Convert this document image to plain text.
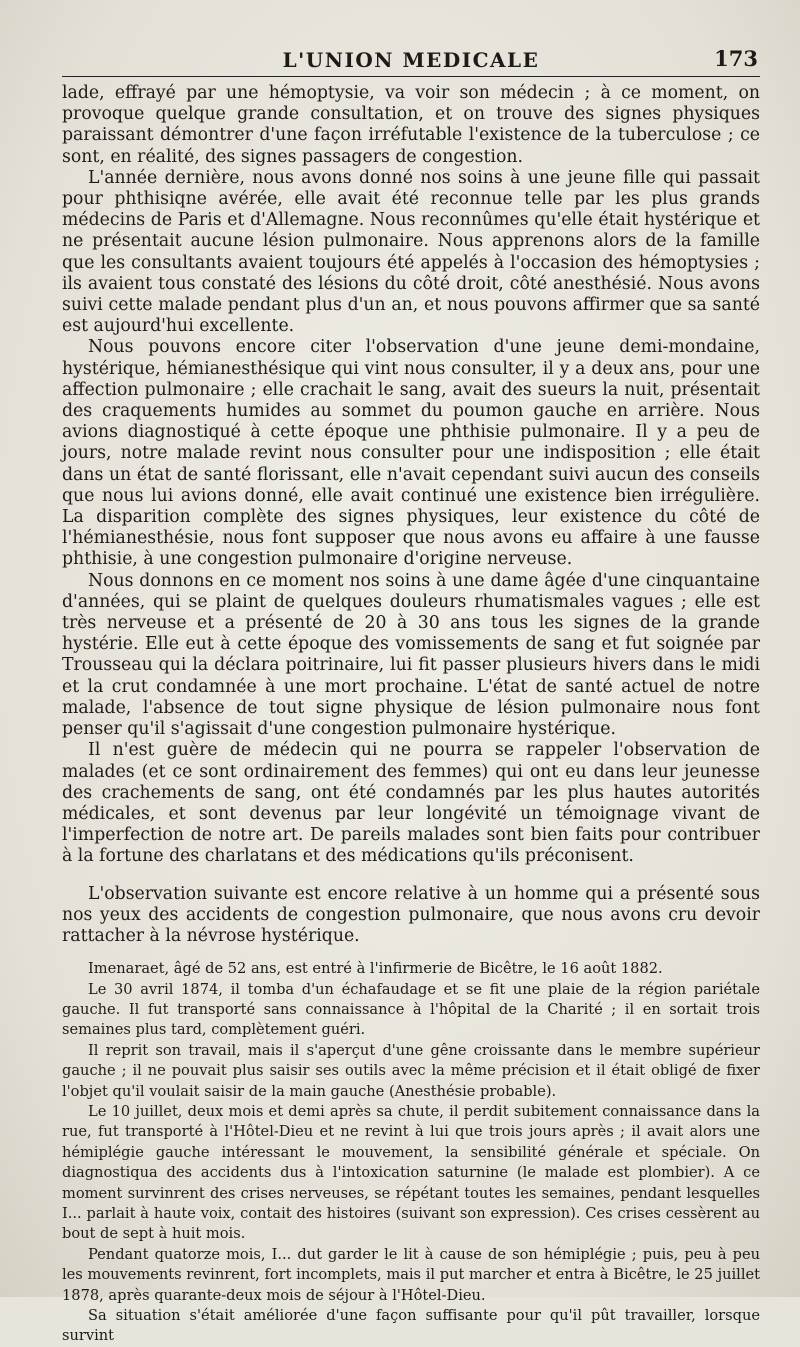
L'UNION MEDICALE	173

lade, effrayé par une hémoptysie, va voir son médecin ; à ce moment, on provoque quelque grande consultation, et on trouve des signes physiques paraissant démontrer d'une façon irréfutable l'existence de la tuberculose ; ce sont, en réalité, des signes passagers de congestion.

L'année dernière, nous avons donné nos soins à une jeune fille qui passait pour phthisiqne avérée, elle avait été reconnue telle par les plus grands médecins de Paris et d'Allemagne. Nous reconnûmes qu'elle était hystérique et ne présentait aucune lésion pulmonaire. Nous apprenons alors de la famille que les consultants avaient toujours été appelés à l'occasion des hémoptysies ; ils avaient tous constaté des lésions du côté droit, côté anesthésié. Nous avons suivi cette malade pendant plus d'un an, et nous pouvons affirmer que sa santé est aujourd'hui excellente.

Nous pouvons encore citer l'observation d'une jeune demi-mondaine, hystérique, hémianesthésique qui vint nous consulter, il y a deux ans, pour une affection pulmonaire ; elle crachait le sang, avait des sueurs la nuit, présentait des craquements humides au sommet du poumon gauche en arrière. Nous avions diagnostiqué à cette époque une phthisie pulmonaire. Il y a peu de jours, notre malade revint nous consulter pour une indisposition ; elle était dans un état de santé florissant, elle n'avait cependant suivi aucun des conseils que nous lui avions donné, elle avait continué une existence bien irrégulière. La disparition complète des signes physiques, leur existence du côté de l'hémianesthésie, nous font supposer que nous avons eu affaire à une fausse phthisie, à une congestion pulmonaire d'origine nerveuse.

Nous donnons en ce moment nos soins à une dame âgée d'une cinquantaine d'années, qui se plaint de quelques douleurs rhumatismales vagues ; elle est très nerveuse et a présenté de 20 à 30 ans tous les signes de la grande hystérie. Elle eut à cette époque des vomissements de sang et fut soignée par Trousseau qui la déclara poitrinaire, lui fit passer plusieurs hivers dans le midi et la crut condamnée à une mort prochaine. L'état de santé actuel de notre malade, l'absence de tout signe physique de lésion pulmonaire nous font penser qu'il s'agissait d'une congestion pulmonaire hystérique.

Il n'est guère de médecin qui ne pourra se rappeler l'observation de malades (et ce sont ordinairement des femmes) qui ont eu dans leur jeunesse des crachements de sang, ont été condamnés par les plus hautes autorités médicales, et sont devenus par leur longévité un témoignage vivant de l'imperfection de notre art. De pareils malades sont bien faits pour contribuer à la fortune des charlatans et des médications qu'ils préconisent.

L'observation suivante est encore relative à un homme qui a présenté sous nos yeux des accidents de congestion pulmonaire, que nous avons cru devoir rattacher à la névrose hystérique.

Imenaraet, âgé de 52 ans, est entré à l'infirmerie de Bicêtre, le 16 août 1882.

Le 30 avril 1874, il tomba d'un échafaudage et se fit une plaie de la région pariétale gauche. Il fut transporté sans connaissance à l'hôpital de la Charité ; il en sortait trois semaines plus tard, complètement guéri.

Il reprit son travail, mais il s'aperçut d'une gêne croissante dans le membre supérieur gauche ; il ne pouvait plus saisir ses outils avec la même précision et il était obligé de fixer l'objet qu'il voulait saisir de la main gauche (Anesthésie probable).

Le 10 juillet, deux mois et demi après sa chute, il perdit subitement connaissance dans la rue, fut transporté à l'Hôtel-Dieu et ne revint à lui que trois jours après ; il avait alors une hémiplégie gauche intéressant le mouvement, la sensibilité générale et spéciale. On diagnostiqua des accidents dus à l'intoxication saturnine (le malade est plombier). A ce moment survinrent des crises nerveuses, se répétant toutes les semaines, pendant lesquelles I... parlait à haute voix, contait des histoires (suivant son expression). Ces crises cessèrent au bout de sept à huit mois.

Pendant quatorze mois, I... dut garder le lit à cause de son hémiplégie ; puis, peu à peu les mouvements revinrent, fort incomplets, mais il put marcher et entra à Bicêtre, le 25 juillet 1878, après quarante-deux mois de séjour à l'Hôtel-Dieu.

Sa situation s'était améliorée d'une façon suffisante pour qu'il pût travailler, lorsque survint
